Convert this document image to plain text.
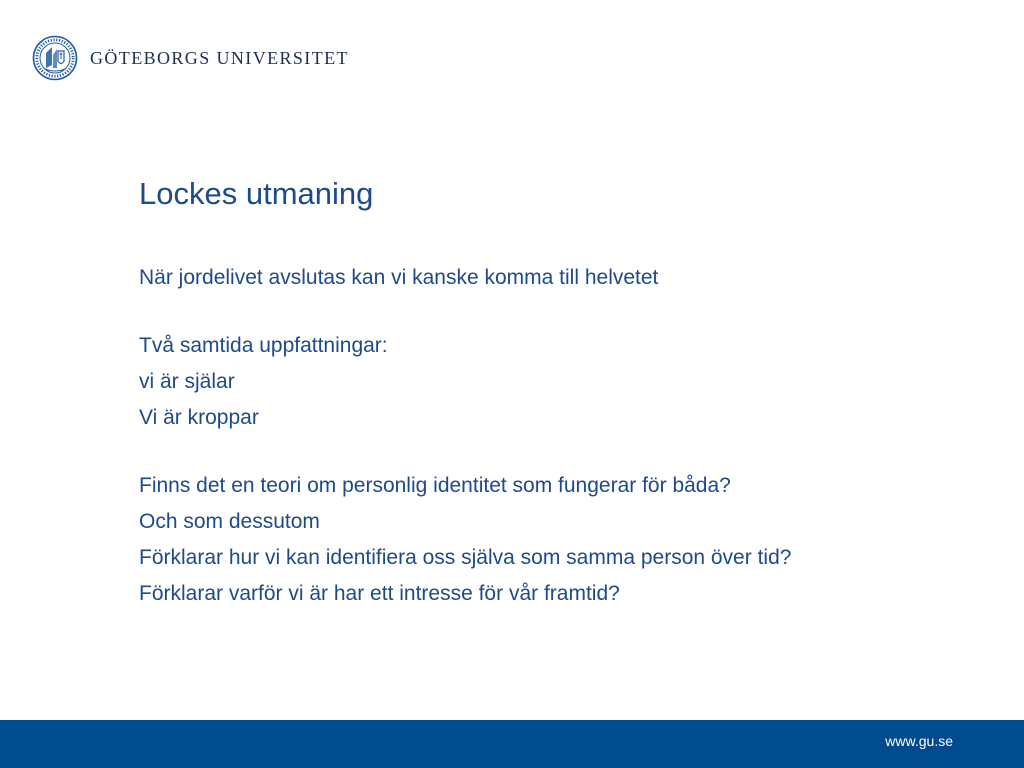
GÖTEBORGS UNIVERSITET
Lockes utmaning

När jordelivet avslutas kan vi kanske komma till helvetet

Två samtida uppfattningar:

vi är själar

Vi är kroppar

Finns det en teori om personlig identitet som fungerar för båda?

Och som dessutom

Förklarar hur vi kan identifiera oss själva som samma person över tid?

Förklarar varför vi är har ett intresse för vår framtid?

www.gu.se
